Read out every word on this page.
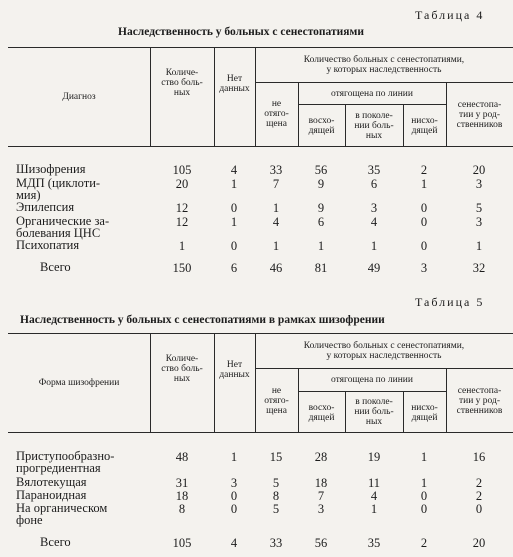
Таблица 4
Наследственность у больных с сенестопатиями
Диагноз
Количе-
ство боль-
ных
Нет
данных
Количество больных с сенестопатиями,
у которых наследственность
не
отяго-
щена
отягощена по линии
восхо-
дящей
в поколе-
нии боль-
ных
нисхо-
дящей
сенестопа-
тии у род-
ственников
Шизофрения	105	4	33	56	35	2	20
МДП (циклоти-
мия)
20	1	7	9	6	1	3
Эпилепсия	12	0	1	9	3	0	5
Органические за-
болевания ЦНС
12	1	4	6	4	0	3
Психопатия	1	0	1	1	1	0	1
Всего	150	6	46	81	49	3	32
Таблица 5
Наследственность у больных с сенестопатиями в рамках шизофрении
Форма шизофрении
Количе-
ство боль-
ных
Нет
данных
Количество больных с сенестопатиями,
у которых наследственность
не
отяго-
щена
отягощена по линии
восхо-
дящей
в поколе-
нии боль-
ных
нисхо-
дящей
сенестопа-
тии у род-
ственников
Приступообразно-
прогредиентная
48	1	15	28	19	1	16
Вялотекущая	31	3	5	18	11	1	2
Параноидная	18	0	8	7	4	0	2
На органическом
фоне
8	0	5	3	1	0	0
Всего	105	4	33	56	35	2	20
